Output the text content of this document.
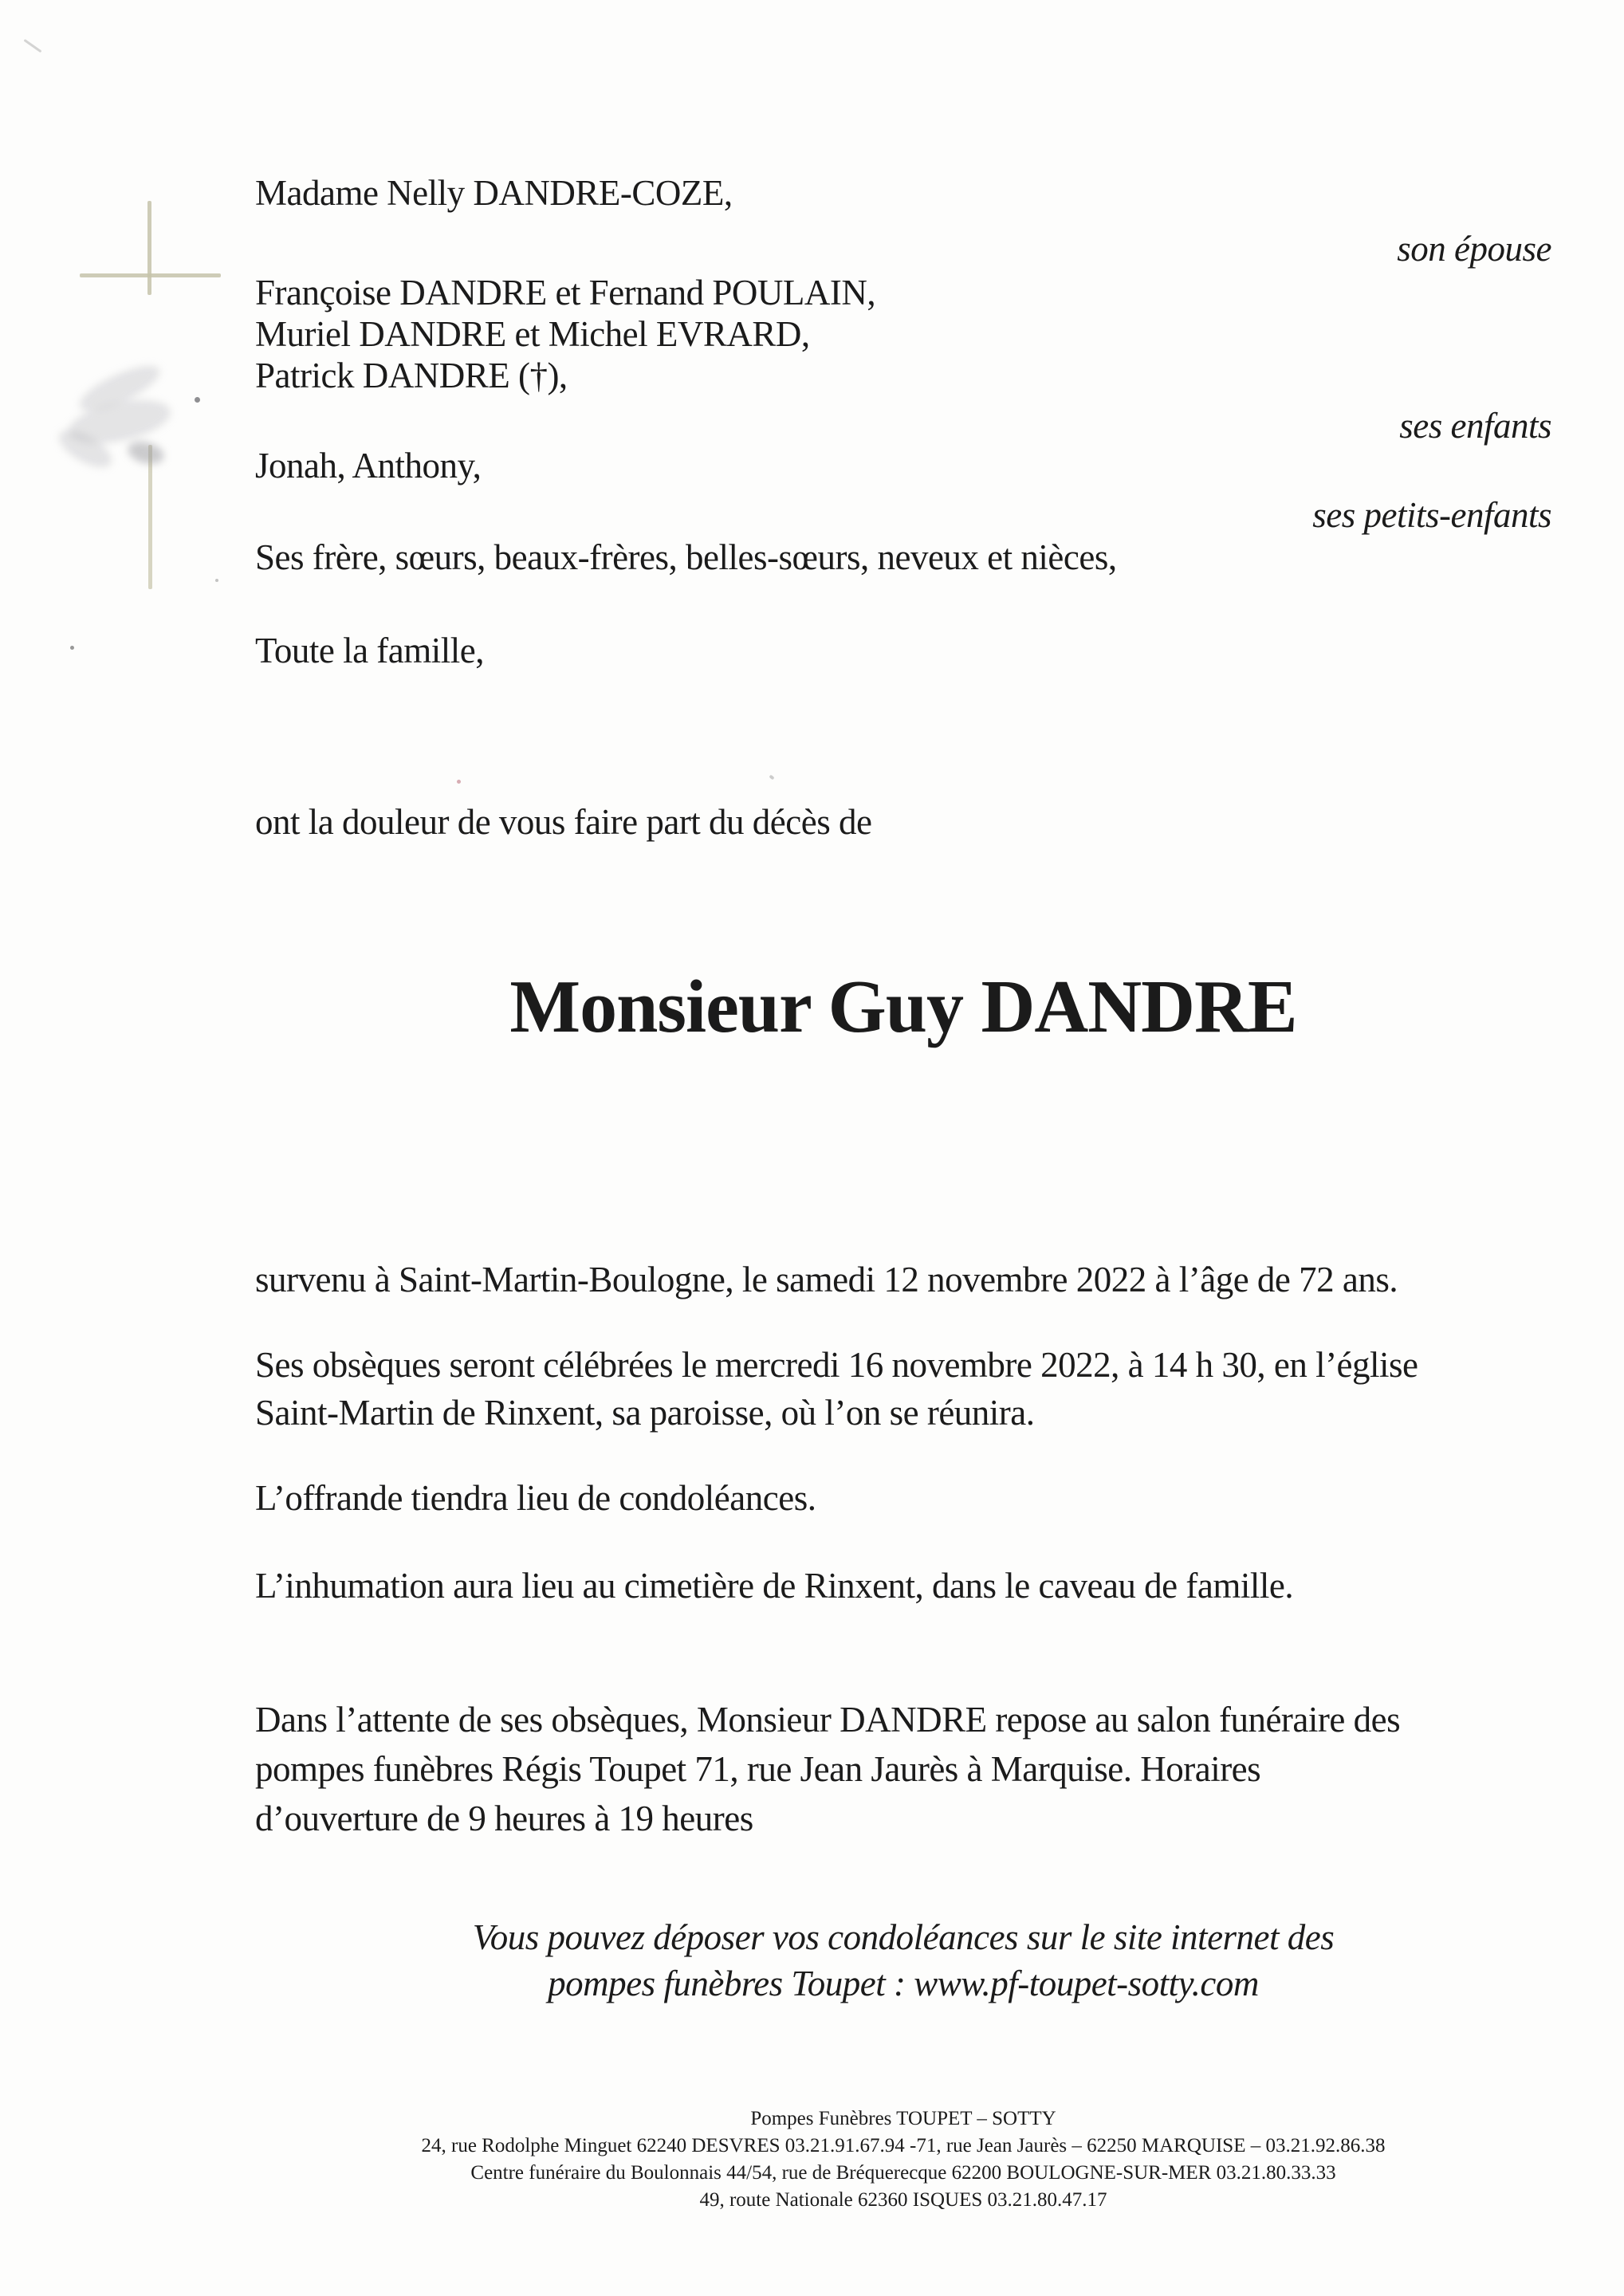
Madame Nelly DANDRE-COZE,
son épouse
Françoise DANDRE et Fernand POULAIN,
Muriel DANDRE et Michel EVRARD,
Patrick DANDRE (†),
ses enfants
Jonah, Anthony,
ses petits-enfants
Ses frère, sœurs, beaux-frères, belles-sœurs, neveux et nièces,
Toute la famille,
ont la douleur de vous faire part du décès de
Monsieur Guy DANDRE
survenu à Saint-Martin-Boulogne, le samedi 12 novembre 2022 à l’âge de 72 ans.
Ses obsèques seront célébrées le mercredi 16 novembre 2022, à 14 h 30, en l’église
Saint-Martin de Rinxent, sa paroisse, où l’on se réunira.
L’offrande tiendra lieu de condoléances.
L’inhumation aura lieu au cimetière de Rinxent, dans le caveau de famille.
Dans l’attente de ses obsèques, Monsieur DANDRE repose au salon funéraire des
pompes funèbres Régis Toupet 71, rue Jean Jaurès à Marquise. Horaires
d’ouverture de 9 heures à 19 heures
Vous pouvez déposer vos condoléances sur le site internet des
pompes funèbres Toupet : www.pf-toupet-sotty.com
Pompes Funèbres TOUPET – SOTTY
24, rue Rodolphe Minguet 62240 DESVRES 03.21.91.67.94 -71, rue Jean Jaurès – 62250 MARQUISE – 03.21.92.86.38
Centre funéraire du Boulonnais 44/54, rue de Bréquerecque 62200 BOULOGNE-SUR-MER 03.21.80.33.33
49, route Nationale 62360 ISQUES 03.21.80.47.17
